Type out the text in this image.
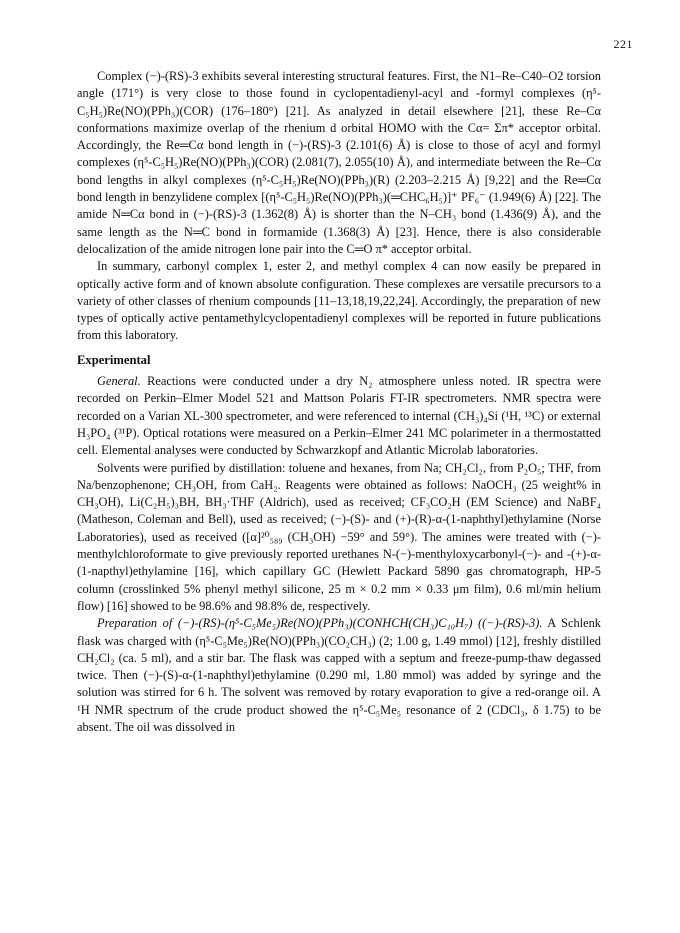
221

Complex (−)-(RS)-3 exhibits several interesting structural features. First, the N1–Re–C40–O2 torsion angle (171°) is very close to those found in cyclopentadienyl-acyl and -formyl complexes (η⁵-C₅H₅)Re(NO)(PPh₃)(COR) (176–180°) [21]. As analyzed in detail elsewhere [21], these Re–Cα conformations maximize overlap of the rhenium d orbital HOMO with the Cα= Σπ* acceptor orbital. Accordingly, the Re═Cα bond length in (−)-(RS)-3 (2.101(6) Å) is close to those of acyl and formyl complexes (η⁵-C₅H₅)Re(NO)(PPh₃)(COR) (2.081(7), 2.055(10) Å), and intermediate between the Re–Cα bond lengths in alkyl complexes (η⁵-C₅H₅)Re(NO)(PPh₃)(R) (2.203–2.215 Å) [9,22] and the Re═Cα bond length in benzylidene complex [(η⁵-C₅H₅)Re(NO)(PPh₃)(═CHC₆H₅)]⁺ PF₆⁻ (1.949(6) Å) [22]. The amide N═Cα bond in (−)-(RS)-3 (1.362(8) Å) is shorter than the N–CH₃ bond (1.436(9) Å), and the same length as the N═C bond in formamide (1.368(3) Å) [23]. Hence, there is also considerable delocalization of the amide nitrogen lone pair into the C═O π* acceptor orbital.

In summary, carbonyl complex 1, ester 2, and methyl complex 4 can now easily be prepared in optically active form and of known absolute configuration. These complexes are versatile precursors to a variety of other classes of rhenium compounds [11–13,18,19,22,24]. Accordingly, the preparation of new types of optically active pentamethylcyclopentadienyl complexes will be reported in future publications from this laboratory.

Experimental

General. Reactions were conducted under a dry N₂ atmosphere unless noted. IR spectra were recorded on Perkin–Elmer Model 521 and Mattson Polaris FT-IR spectrometers. NMR spectra were recorded on a Varian XL-300 spectrometer, and were referenced to internal (CH₃)₄Si (¹H, ¹³C) or external H₃PO₄ (³¹P). Optical rotations were measured on a Perkin–Elmer 241 MC polarimeter in a thermostatted cell. Elemental analyses were conducted by Schwarzkopf and Atlantic Microlab laboratories.

Solvents were purified by distillation: toluene and hexanes, from Na; CH₂Cl₂, from P₂O₅; THF, from Na/benzophenone; CH₃OH, from CaH₂. Reagents were obtained as follows: NaOCH₃ (25 weight% in CH₃OH), Li(C₂H₅)₃BH, BH₃·THF (Aldrich), used as received; CF₃CO₂H (EM Science) and NaBF₄ (Matheson, Coleman and Bell), used as received; (−)-(S)- and (+)-(R)-α-(1-naphthyl)ethylamine (Norse Laboratories), used as received ([α]²⁰₅₈₉ (CH₃OH) −59° and 59°). The amines were treated with (−)-menthylchloroformate to give previously reported urethanes N-(−)-menthyloxycarbonyl-(−)- and -(+)-α-(1-napthyl)ethylamine [16], which capillary GC (Hewlett Packard 5890 gas chromatograph, HP-5 column (crosslinked 5% phenyl methyl silicone, 25 m × 0.2 mm × 0.33 μm film), 0.6 ml/min helium flow) [16] showed to be 98.6% and 98.8% de, respectively.

Preparation of (−)-(RS)-(η⁵-C₅Me₅)Re(NO)(PPh₃)(CONHCH(CH₃)C₁₀H₇) ((−)-(RS)-3). A Schlenk flask was charged with (η⁵-C₅Me₅)Re(NO)(PPh₃)(CO₂CH₃) (2; 1.00 g, 1.49 mmol) [12], freshly distilled CH₂Cl₂ (ca. 5 ml), and a stir bar. The flask was capped with a septum and freeze-pump-thaw degassed twice. Then (−)-(S)-α-(1-naphthyl)ethylamine (0.290 ml, 1.80 mmol) was added by syringe and the solution was stirred for 6 h. The solvent was removed by rotary evaporation to give a red-orange oil. A ¹H NMR spectrum of the crude product showed the η⁵-C₅Me₅ resonance of 2 (CDCl₃, δ 1.75) to be absent. The oil was dissolved in
